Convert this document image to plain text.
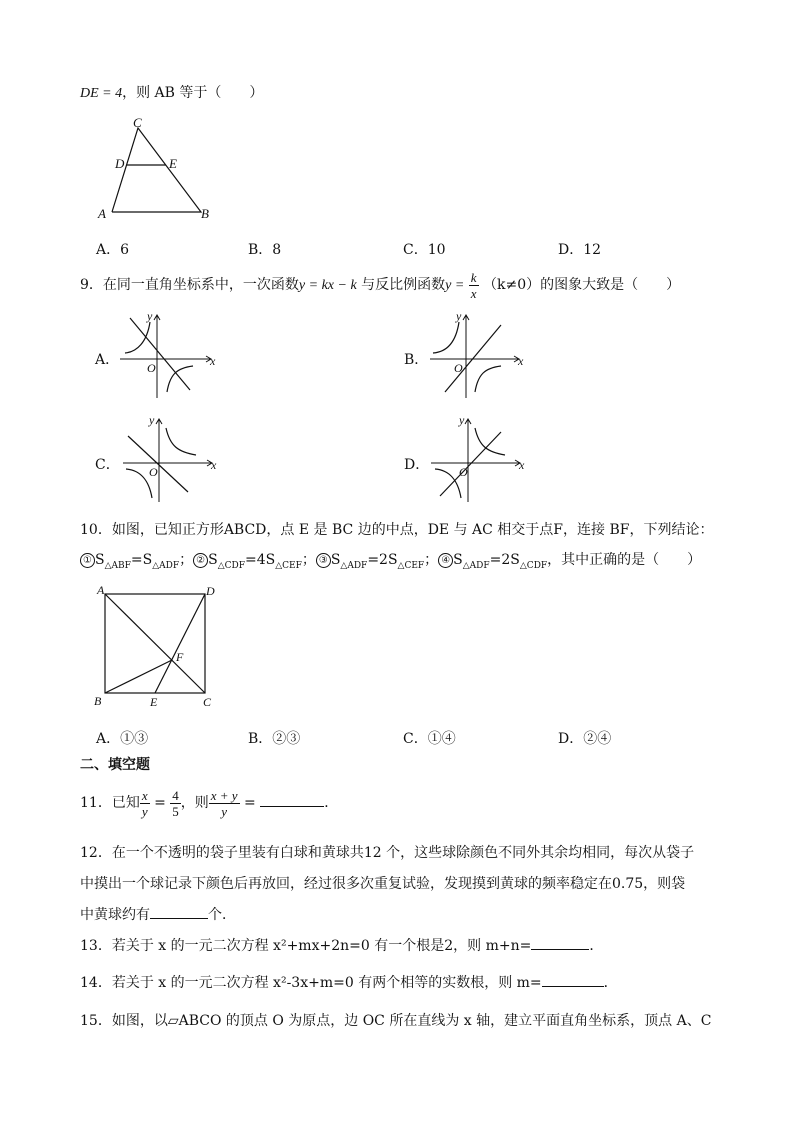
DE = 4，则 AB 等于（　　）
C
D	E
A	B
A．6	B．8	C．10	D．12
9．在同一直角坐标系中，一次函数y = kx − k 与反比例函数$y = \frac{k}{x} (k\ne 0)$的图象大致是（　　）
A．	x
y
O	B．	x
y
O
C．	x
y
O	D．	x
y
O
10．如图，已知正方形ABCD，点 E 是 BC 边的中点，DE 与 AC 相交于点F，连接 BF，下列结论：
① $S_{\triangle ABF}=S_{\triangle ADF}$； ② $S_{\triangle CDF}=4S_{\triangle CEF}$； ③ $S_{\triangle ADF}=2S_{\triangle CEF}$； ④ $S_{\triangle ADF}=2S_{\triangle CDF}$，其中正确的是（　　）
A	D
B	E	C
F
A．①③	B．②③	C．①④	D．②④
二、填空题
11．已知 $\frac{x}{y} = \frac{4}{5}$ ，则 $\frac{x + y}{y}$ =	．
12．在一个不透明的袋子里装有白球和黄球共12 个，这些球除颜色不同外其余均相同，每次从袋子
中摸出一个球记录下颜色后再放回，经过很多次重复试验，发现摸到黄球的频率稳定在0.75，则袋
中黄球约有	个．
13．若关于 x 的一元二次方程 x²+mx+2n=0 有一个根是2，则 m+n=	．
14．若关于 x 的一元二次方程 x²-3x+m=0 有两个相等的实数根，则 m=	．
15．如图，以▱ABCO 的顶点 O 为原点，边 OC 所在直线为 x 轴，建立平面直角坐标系，顶点 A、C
